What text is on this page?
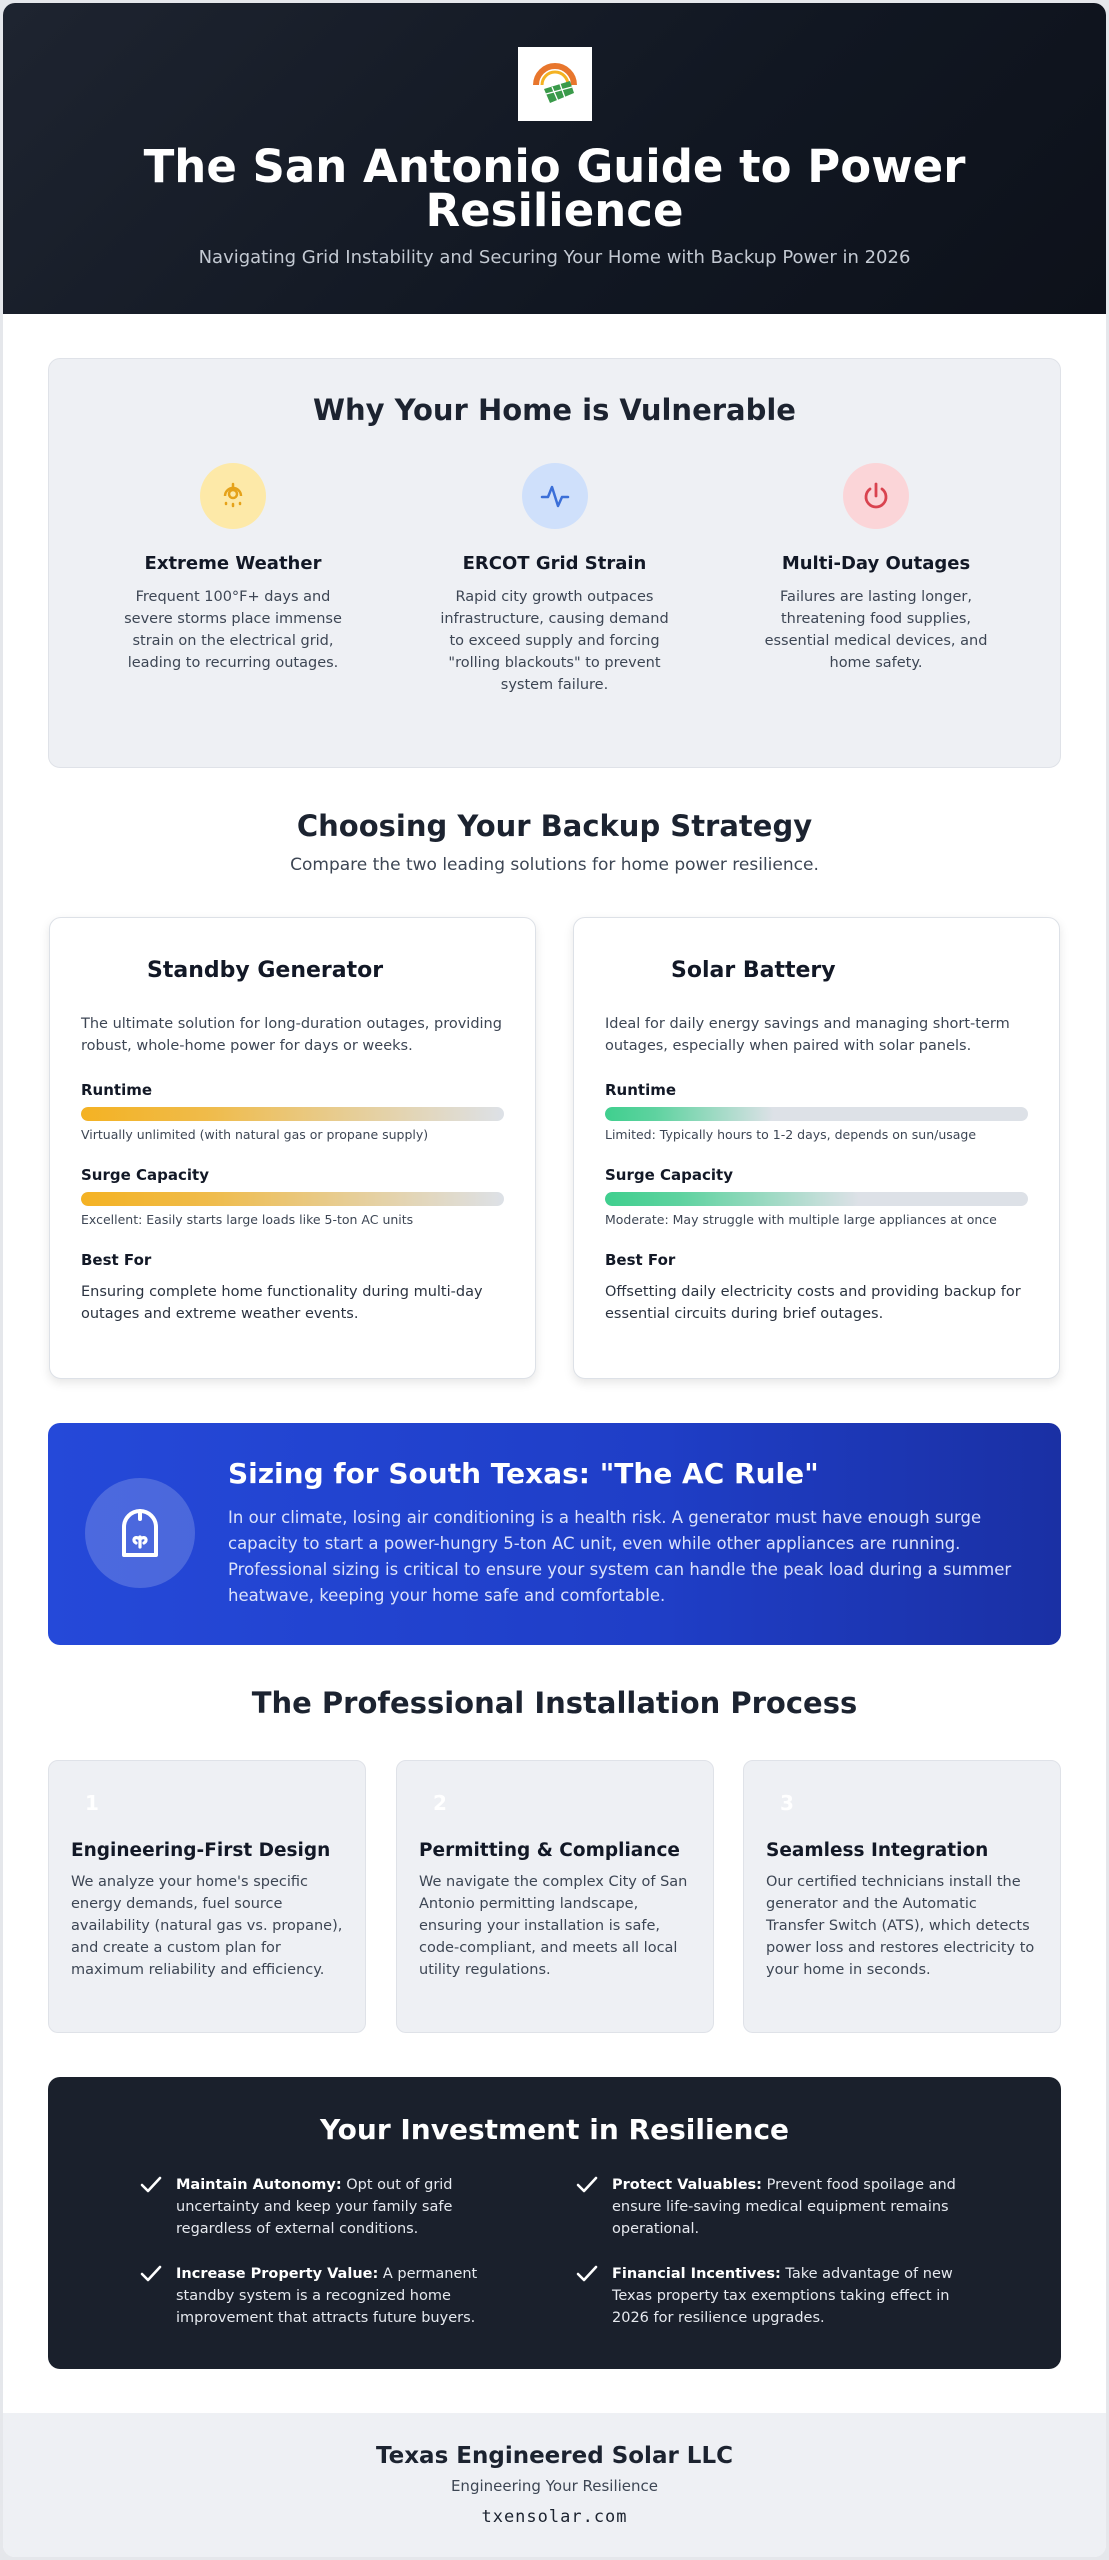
The San Antonio Guide to Power Resilience
Navigating Grid Instability and Securing Your Home with Backup Power in 2026
Why Your Home is Vulnerable
Extreme Weather

Frequent 100°F+ days and severe storms place immense strain on the electrical grid, leading to recurring outages.

ERCOT Grid Strain

Rapid city growth outpaces infrastructure, causing demand to exceed supply and forcing "rolling blackouts" to prevent system failure.

Multi-Day Outages

Failures are lasting longer, threatening food supplies, essential medical devices, and home safety.

Choosing Your Backup Strategy

Compare the two leading solutions for home power resilience.

Standby Generator
The ultimate solution for long-duration outages, providing robust, whole-home power for days or weeks.
Runtime
Virtually unlimited (with natural gas or propane supply)
Surge Capacity
Excellent: Easily starts large loads like 5-ton AC units
Best For
Ensuring complete home functionality during multi-day outages and extreme weather events.
Solar Battery
Ideal for daily energy savings and managing short-term outages, especially when paired with solar panels.
Runtime
Limited: Typically hours to 1-2 days, depends on sun/usage
Surge Capacity
Moderate: May struggle with multiple large appliances at once
Best For
Offsetting daily electricity costs and providing backup for essential circuits during brief outages.
Sizing for South Texas: "The AC Rule"

In our climate, losing air conditioning is a health risk. A generator must have enough surge capacity to start a power-hungry 5-ton AC unit, even while other appliances are running. Professional sizing is critical to ensure your system can handle the peak load during a summer heatwave, keeping your home safe and comfortable.

The Professional Installation Process
1
Engineering-First Design

We analyze your home's specific energy demands, fuel source availability (natural gas vs. propane), and create a custom plan for maximum reliability and efficiency.

2
Permitting & Compliance

We navigate the complex City of San Antonio permitting landscape, ensuring your installation is safe, code-compliant, and meets all local utility regulations.

3
Seamless Integration

Our certified technicians install the generator and the Automatic Transfer Switch (ATS), which detects power loss and restores electricity to your home in seconds.

Your Investment in Resilience
Maintain Autonomy: Opt out of grid uncertainty and keep your family safe regardless of external conditions.
Protect Valuables: Prevent food spoilage and ensure life-saving medical equipment remains operational.
Increase Property Value: A permanent standby system is a recognized home improvement that attracts future buyers.
Financial Incentives: Take advantage of new Texas property tax exemptions taking effect in 2026 for resilience upgrades.
Texas Engineered Solar LLC
Engineering Your Resilience
txensolar.com
